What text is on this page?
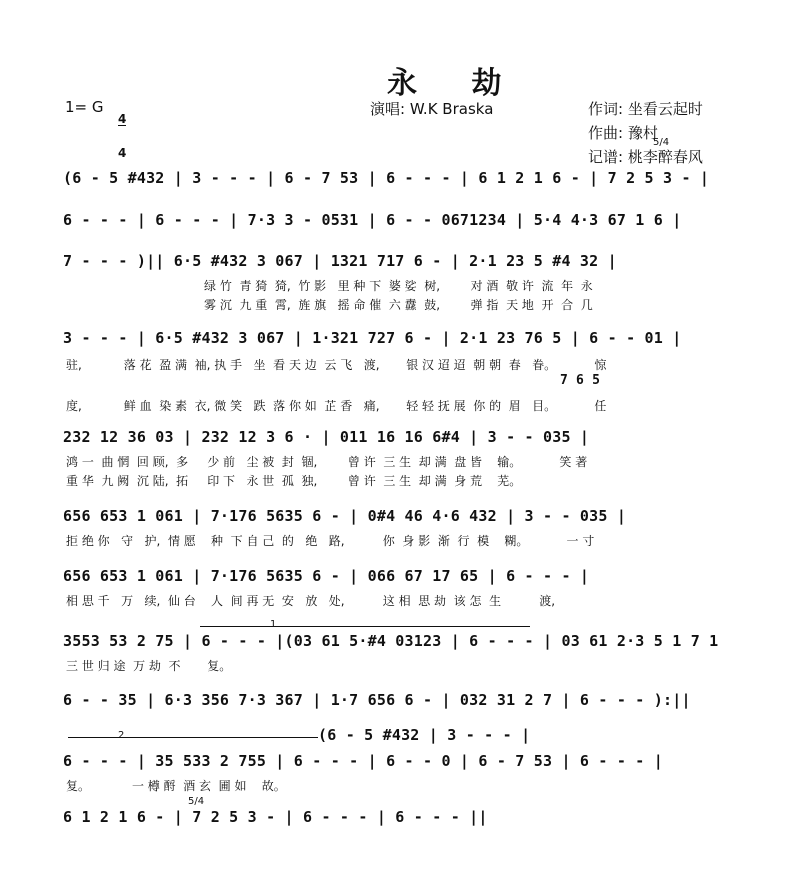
永 劫
1= G

4

4

演唱: W.K Braska	作词: 坐看云起时
作曲: 豫村
记谱: 桃李醉春风
5/4
(6 - 5 #432 | 3 - - - | 6 - 7 53 | 6 - - - | 6 1 2 1 6 - | 7 2 5 3 - |
6 - - - | 6 - - - | 7·3 3 - 0531 | 6 - - 0671234 | 5·4 4·3 67 1 6 |
7 - - - )|| 6·5 #432 3 067 | 1321 717 6 - | 2·1 23 5 #4 32 |
绿 竹  青 猗  猗,  竹 影   里 种 下  婆 娑  树,        对 酒  敬 许  流  年  永
雾 沉  九 重  霄,  旌 旗   摇 命 催  六 纛  鼓,        弹 指  天 地  开  合  几
3 - - - | 6·5 #432 3 067 | 1·321 727 6 - | 2·1 23 76 5 | 6 - - 01 |
驻,           落 花  盈 满  袖, 执 手   坐  看 天 边  云 飞   渡,       银 汉 迢 迢  朝 朝  春   眷。          惊
7 6 5
度,           鲜 血  染 素  衣, 微 笑   跌  落 你 如  芷 香   痛,       轻 轻 抚 展  你 的  眉   目。          任
232 12 36 03 | 232 12 3 6 · | 011 16 16 6#4 | 3 - - 035 |
鸿 一  曲 惘  回 顾,  多     少 前   尘 被  封  锢,        曾 许  三 生  却 满  盘 皆    输。          笑 著
重 华  九 阙  沉 陆,  拓     印 下   永 世  孤  独,        曾 许  三 生  却 满  身 荒    芜。
656 653 1 061 | 7·176 5635 6 - | 0#4 46 4·6 432 | 3 - - 035 |
拒 绝 你   守   护,  情 愿    种  下 自 己  的   绝   路,          你  身 影  渐  行  模    糊。          一 寸
656 653 1 061 | 7·176 5635 6 - | 066 67 17 65 | 6 - - - |
相 思 千   万   续,  仙 台    人  间 再 无  安   放   处,          这 相  思 劫  该 怎  生          渡,
1
3553 53 2 75 | 6 - - - |(03 61 5·#4 03123 | 6 - - - | 03 61 2·3 5 1 7 1
三 世 归 途  万 劫  不       复。
6 - - 35 | 6·3 356 7·3 367 | 1·7 656 6 - | 032 31 2 7 | 6 - - - ):||
2	(6 - 5 #432 | 3 - - - |
6 - - - | 35 533 2 755 | 6 - - - | 6 - - 0 | 6 - 7 53 | 6 - - - |
复。           一 樽 酹  酒 玄  圃 如    故。
5/4
6 1 2 1 6 - | 7 2 5 3 - | 6 - - - | 6 - - - ||
